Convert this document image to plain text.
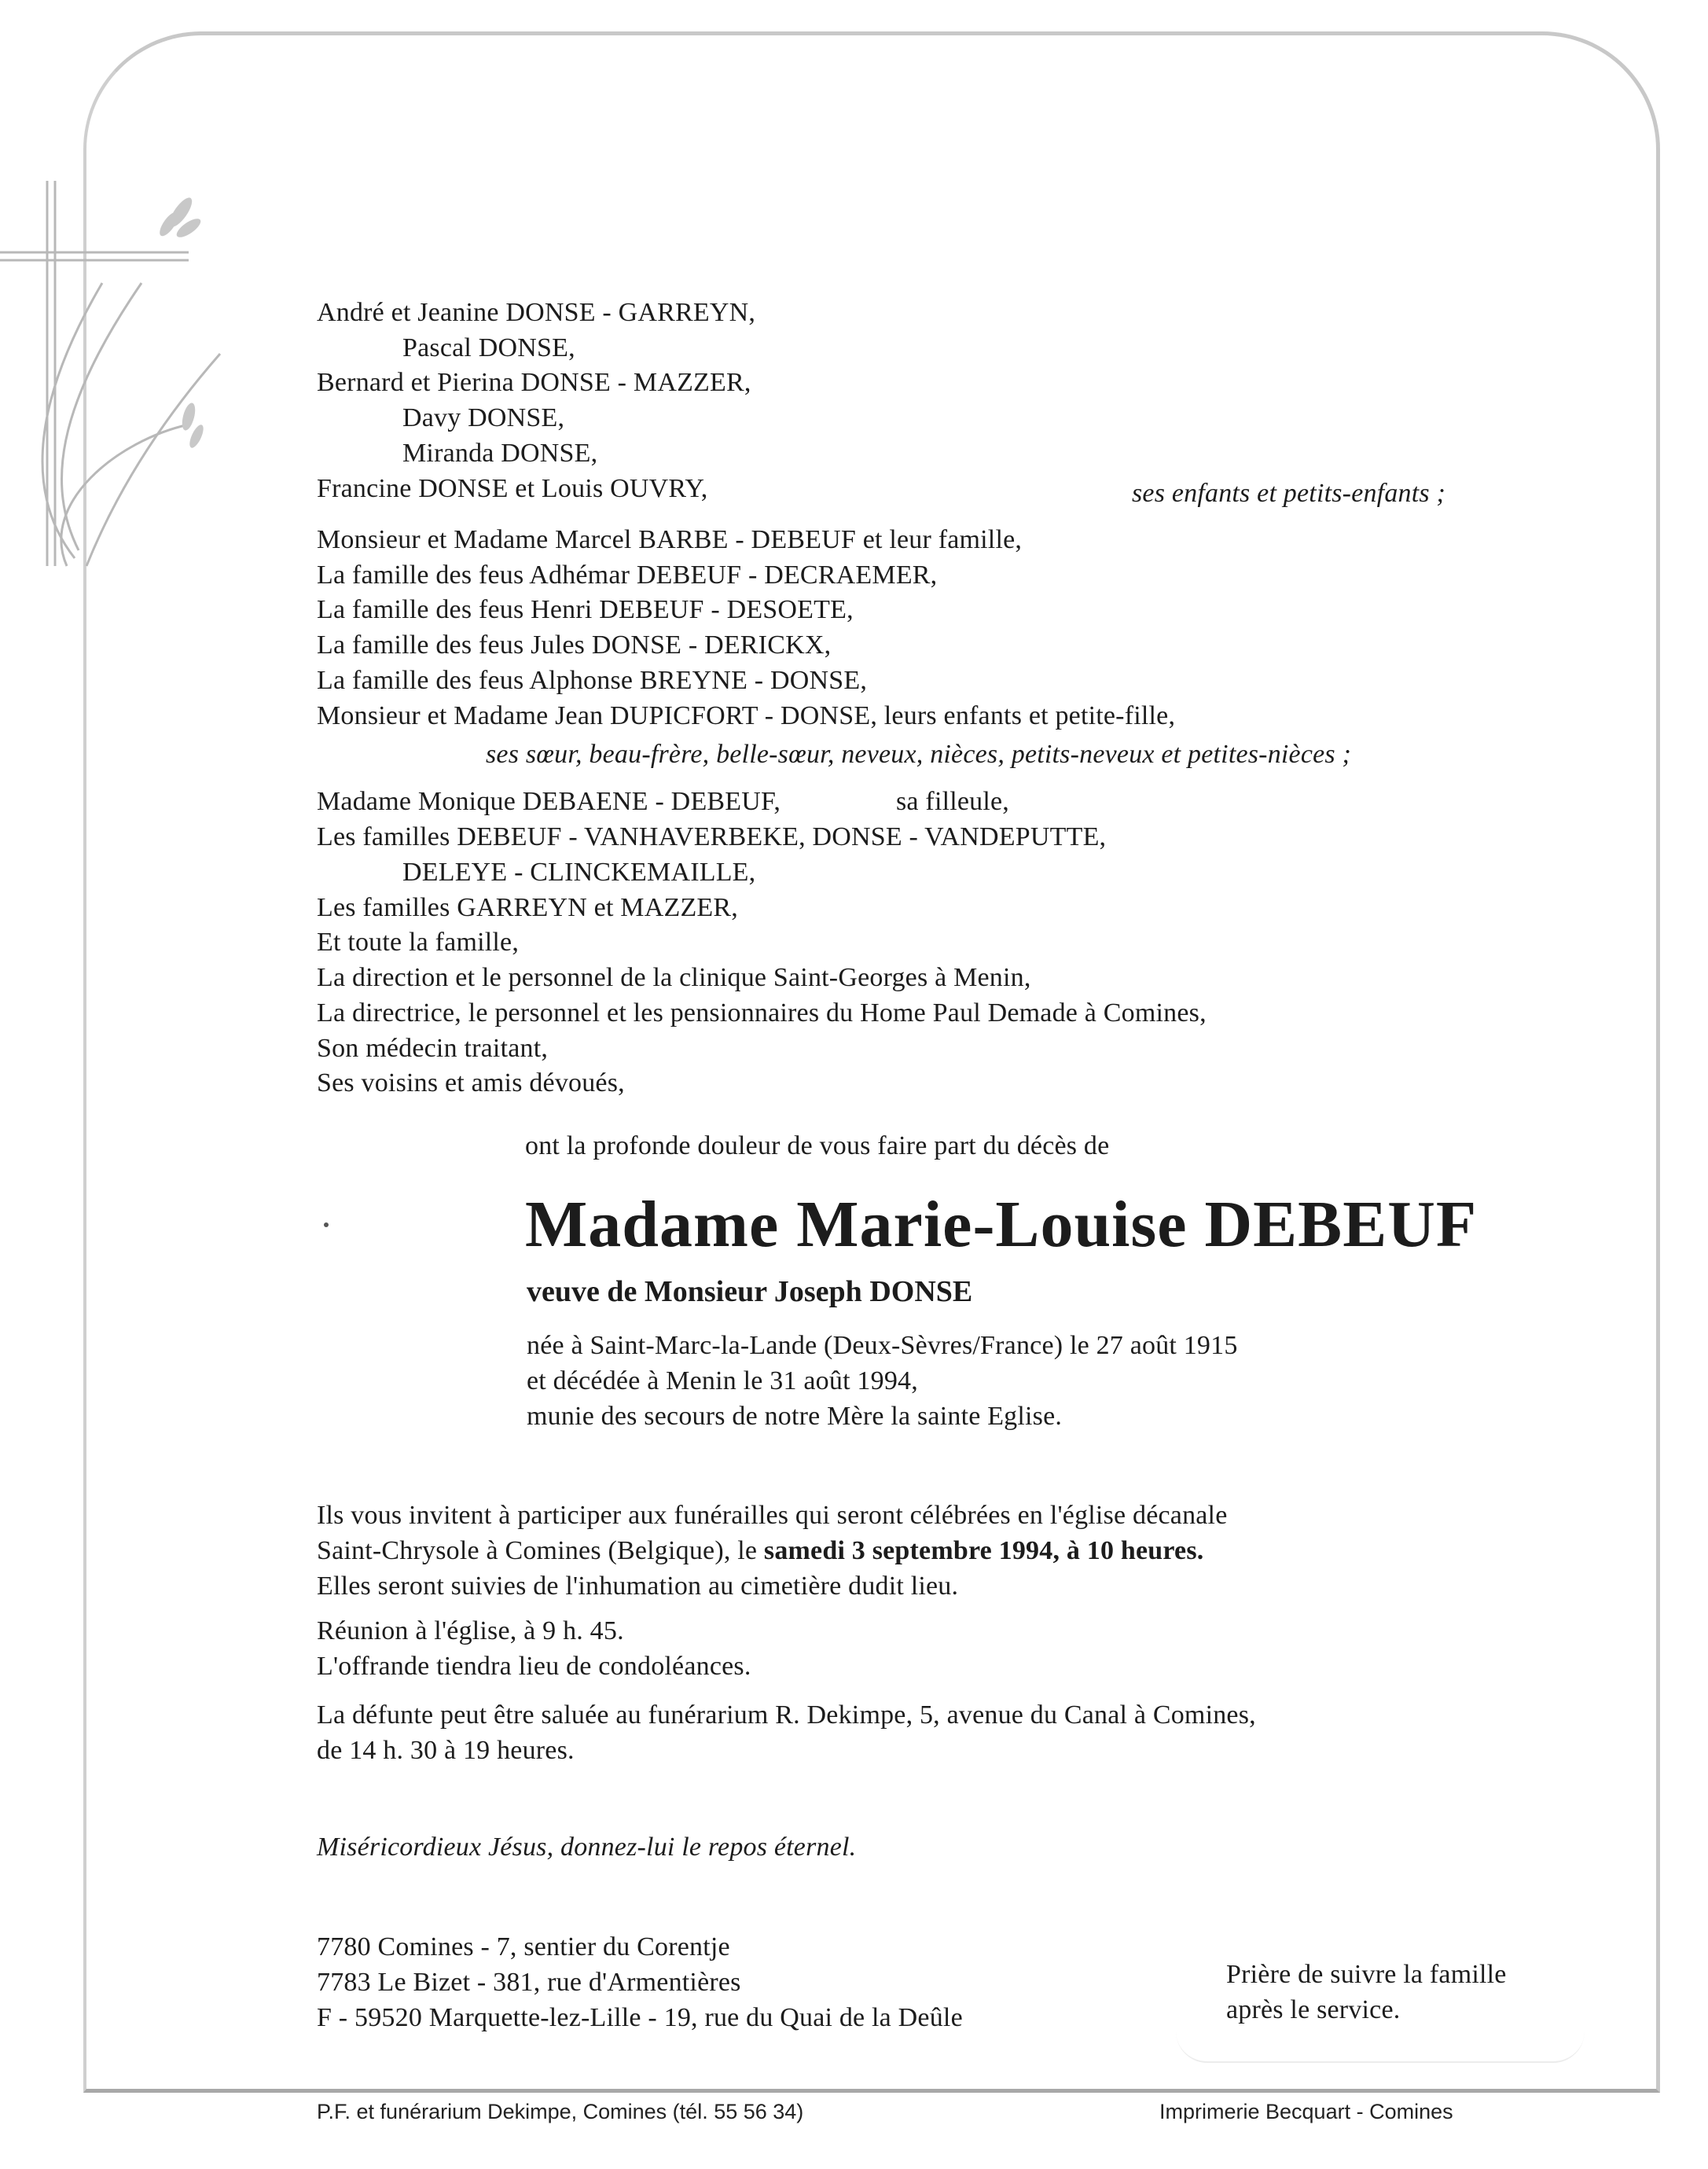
André et Jeanine DONSE - GARREYN,
Pascal DONSE,
Bernard et Pierina DONSE - MAZZER,
Davy DONSE,
Miranda DONSE,
Francine DONSE et Louis OUVRY,	ses enfants et petits-enfants ;
Monsieur et Madame Marcel BARBE - DEBEUF et leur famille,
La famille des feus Adhémar DEBEUF - DECRAEMER,
La famille des feus Henri DEBEUF - DESOETE,
La famille des feus Jules DONSE - DERICKX,
La famille des feus Alphonse BREYNE - DONSE,
Monsieur et Madame Jean DUPICFORT - DONSE, leurs enfants et petite-fille,
ses sœur, beau-frère, belle-sœur, neveux, nièces, petits-neveux et petites-nièces ;
Madame Monique DEBAENE - DEBEUF,	sa filleule,
Les familles DEBEUF - VANHAVERBEKE, DONSE - VANDEPUTTE,
DELEYE - CLINCKEMAILLE,
Les familles GARREYN et MAZZER,
Et toute la famille,
La direction et le personnel de la clinique Saint-Georges à Menin,
La directrice, le personnel et les pensionnaires du Home Paul Demade à Comines,
Son médecin traitant,
Ses voisins et amis dévoués,
ont la profonde douleur de vous faire part du décès de
Madame Marie-Louise DEBEUF
veuve de Monsieur Joseph DONSE
née à Saint-Marc-la-Lande (Deux-Sèvres/France) le 27 août 1915
et décédée à Menin le 31 août 1994,
munie des secours de notre Mère la sainte Eglise.
Ils vous invitent à participer aux funérailles qui seront célébrées en l'église décanale
Saint-Chrysole à Comines (Belgique), le samedi 3 septembre 1994, à 10 heures.
Elles seront suivies de l'inhumation au cimetière dudit lieu.
Réunion à l'église, à 9 h. 45.
L'offrande tiendra lieu de condoléances.
La défunte peut être saluée au funérarium R. Dekimpe, 5, avenue du Canal à Comines,
de 14 h. 30 à 19 heures.
Miséricordieux Jésus, donnez-lui le repos éternel.
7780 Comines - 7, sentier du Corentje
7783 Le Bizet - 381, rue d'Armentières
F - 59520 Marquette-lez-Lille - 19, rue du Quai de la Deûle
Prière de suivre la famille
après le service.
P.F. et funérarium Dekimpe, Comines (tél. 55 56 34)	Imprimerie Becquart - Comines
